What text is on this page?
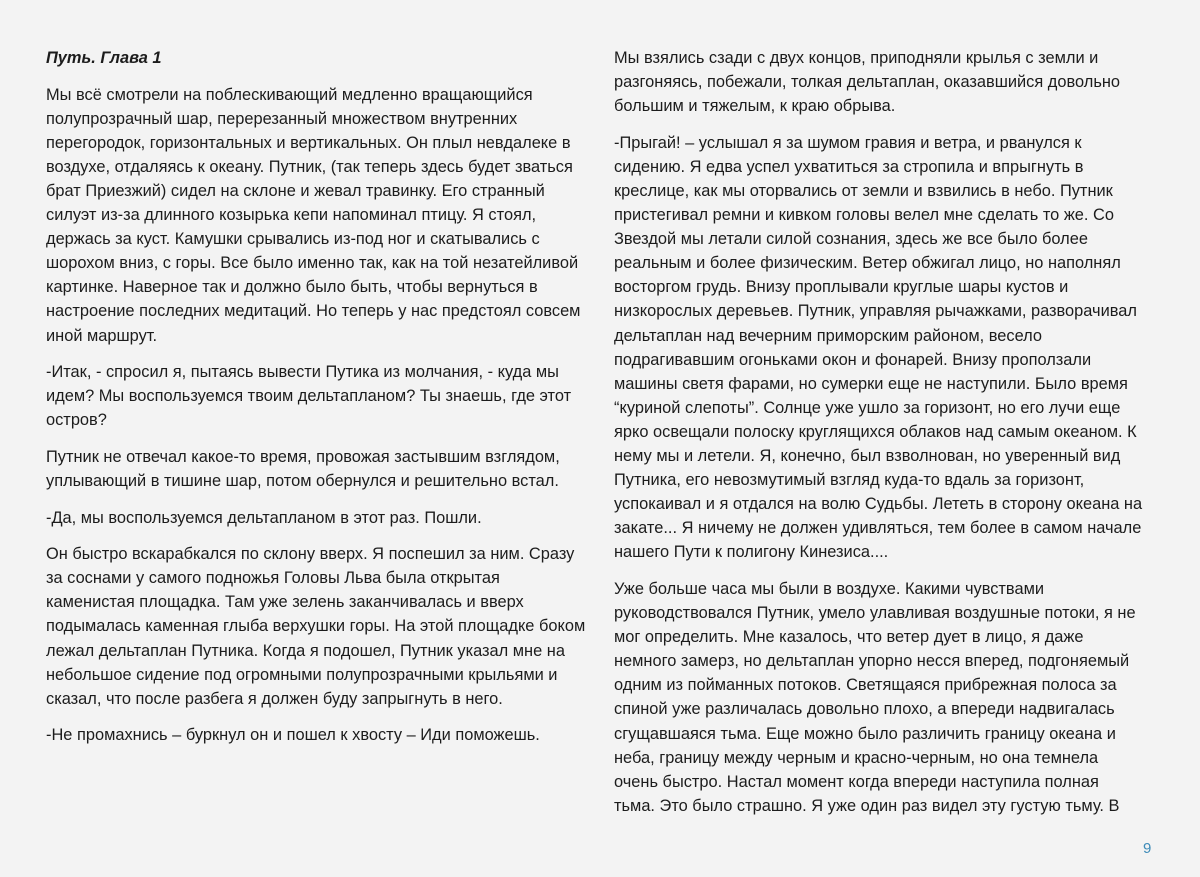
Путь. Глава 1

Мы всё смотрели на поблескивающий медленно вращающийся полупрозрачный шар, перерезанный множеством внутренних перегородок, горизонтальных и вертикальных. Он плыл невдалеке в воздухе, отдаляясь к океану. Путник, (так теперь здесь будет зваться брат Приезжий) сидел на склоне и жевал травинку. Его странный силуэт из-за длинного козырька кепи напоминал птицу. Я стоял, держась за куст. Камушки срывались из-под ног и скатывались с шорохом вниз, с горы. Все было именно так, как на той незатейливой картинке. Наверное так и должно было быть, чтобы вернуться в настроение последних медитаций. Но теперь у нас предстоял совсем иной маршрут.

-Итак, - спросил я, пытаясь вывести Путика из молчания, - куда мы идем? Мы воспользуемся твоим дельтапланом? Ты знаешь, где этот остров?

Путник не отвечал какое-то время, провожая застывшим взглядом, уплывающий в тишине шар, потом обернулся и решительно встал.

-Да, мы воспользуемся дельтапланом в этот раз. Пошли.

Он быстро вскарабкался по склону вверх. Я поспешил за ним. Сразу за соснами у самого подножья Головы Льва была открытая каменистая площадка. Там уже зелень заканчивалась и вверх подымалась каменная глыба верхушки горы. На этой площадке боком лежал дельтаплан Путника. Когда я подошел, Путник указал мне на небольшое сидение под огромными полупрозрачными крыльями и сказал, что после разбега я должен буду запрыгнуть в него.

-Не промахнись – буркнул он и пошел к хвосту – Иди поможешь.

Мы взялись сзади с двух концов, приподняли крылья с земли и разгоняясь, побежали, толкая дельтаплан, оказавшийся довольно большим и тяжелым, к краю обрыва.

-Прыгай! – услышал я за шумом гравия и ветра, и рванулся к сидению. Я едва успел ухватиться за стропила и впрыгнуть в креслице, как мы оторвались от земли и взвились в небо. Путник пристегивал ремни и кивком головы велел мне сделать то же. Со Звездой мы летали силой сознания, здесь же все было более реальным и более физическим. Ветер обжигал лицо, но наполнял восторгом грудь. Внизу проплывали круглые шары кустов и низкорослых деревьев. Путник, управляя рычажками, разворачивал дельтаплан над вечерним приморским районом, весело подрагивавшим огоньками окон и фонарей. Внизу проползали машины светя фарами, но сумерки еще не наступили. Было время “куриной слепоты”. Солнце уже ушло за горизонт, но его лучи еще ярко освещали полоску круглящихся облаков над самым океаном. К нему мы и летели. Я, конечно, был взволнован, но уверенный вид Путника, его невозмутимый взгляд куда-то вдаль за горизонт, успокаивал и я отдался на волю Судьбы. Лететь в сторону океана на закате... Я ничему не должен удивляться, тем более в самом начале нашего Пути к полигону Кинезиса....

Уже больше часа мы были в воздухе. Какими чувствами руководствовался Путник, умело улавливая воздушные потоки, я не мог определить. Мне казалось, что ветер дует в лицо, я даже немного замерз, но дельтаплан упорно несся вперед, подгоняемый одним из пойманных потоков. Светящаяся прибрежная полоса за спиной уже различалась довольно плохо, а впереди надвигалась сгущавшаяся тьма. Еще можно было различить границу океана и неба, границу между черным и красно-черным, но она темнела очень быстро. Настал момент когда впереди наступила полная тьма. Это было страшно. Я уже один раз видел эту густую тьму. В

9
